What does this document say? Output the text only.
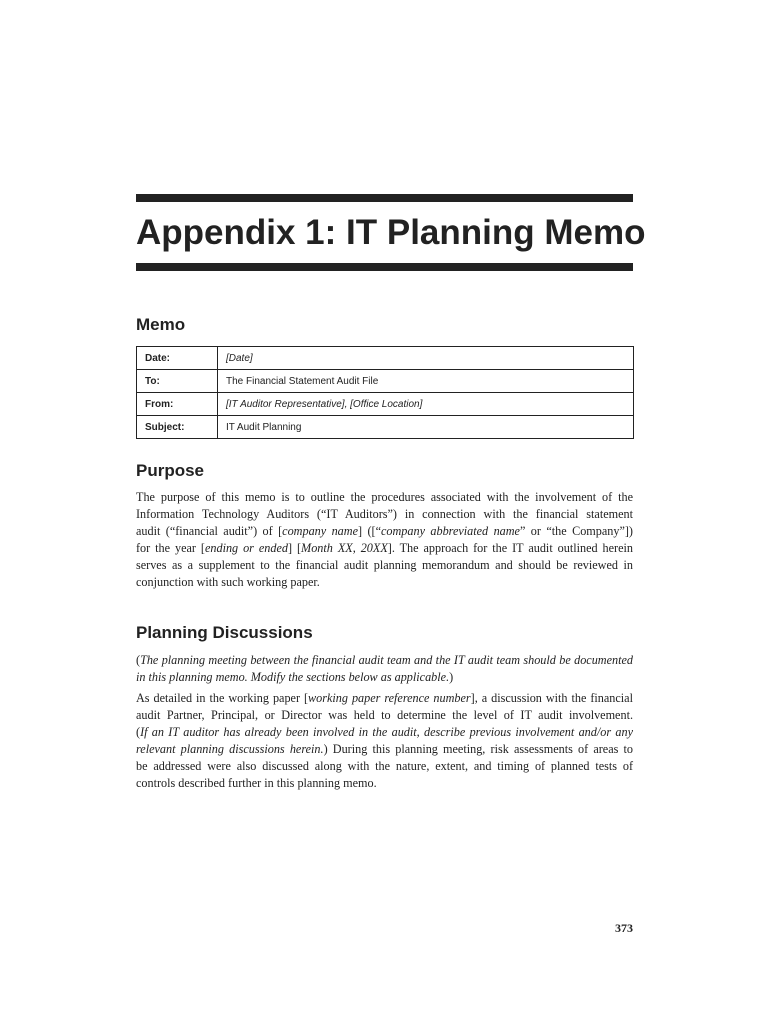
Appendix 1: IT Planning Memo
Memo
Date:	[Date]
To:	The Financial Statement Audit File
From:	[IT Auditor Representative], [Office Location]
Subject:	IT Audit Planning
Purpose
The purpose of this memo is to outline the procedures associated with the involvement of the
Information Technology Auditors (“IT Auditors”) in connection with the financial statement
audit (“financial audit”) of [company name] ([“company abbreviated name” or “the Company”])
for the year [ending or ended] [Month XX, 20XX]. The approach for the IT audit outlined herein
serves as a supplement to the financial audit planning memorandum and should be reviewed in
conjunction with such working paper.
Planning Discussions
(The planning meeting between the financial audit team and the IT audit team should be documented
in this planning memo. Modify the sections below as applicable.)
As detailed in the working paper [working paper reference number], a discussion with the financial
audit Partner, Principal, or Director was held to determine the level of IT audit involvement.
(If an IT auditor has already been involved in the audit, describe previous involvement and/or any
relevant planning discussions herein.) During this planning meeting, risk assessments of areas to
be addressed were also discussed along with the nature, extent, and timing of planned tests of
controls described further in this planning memo.
373
